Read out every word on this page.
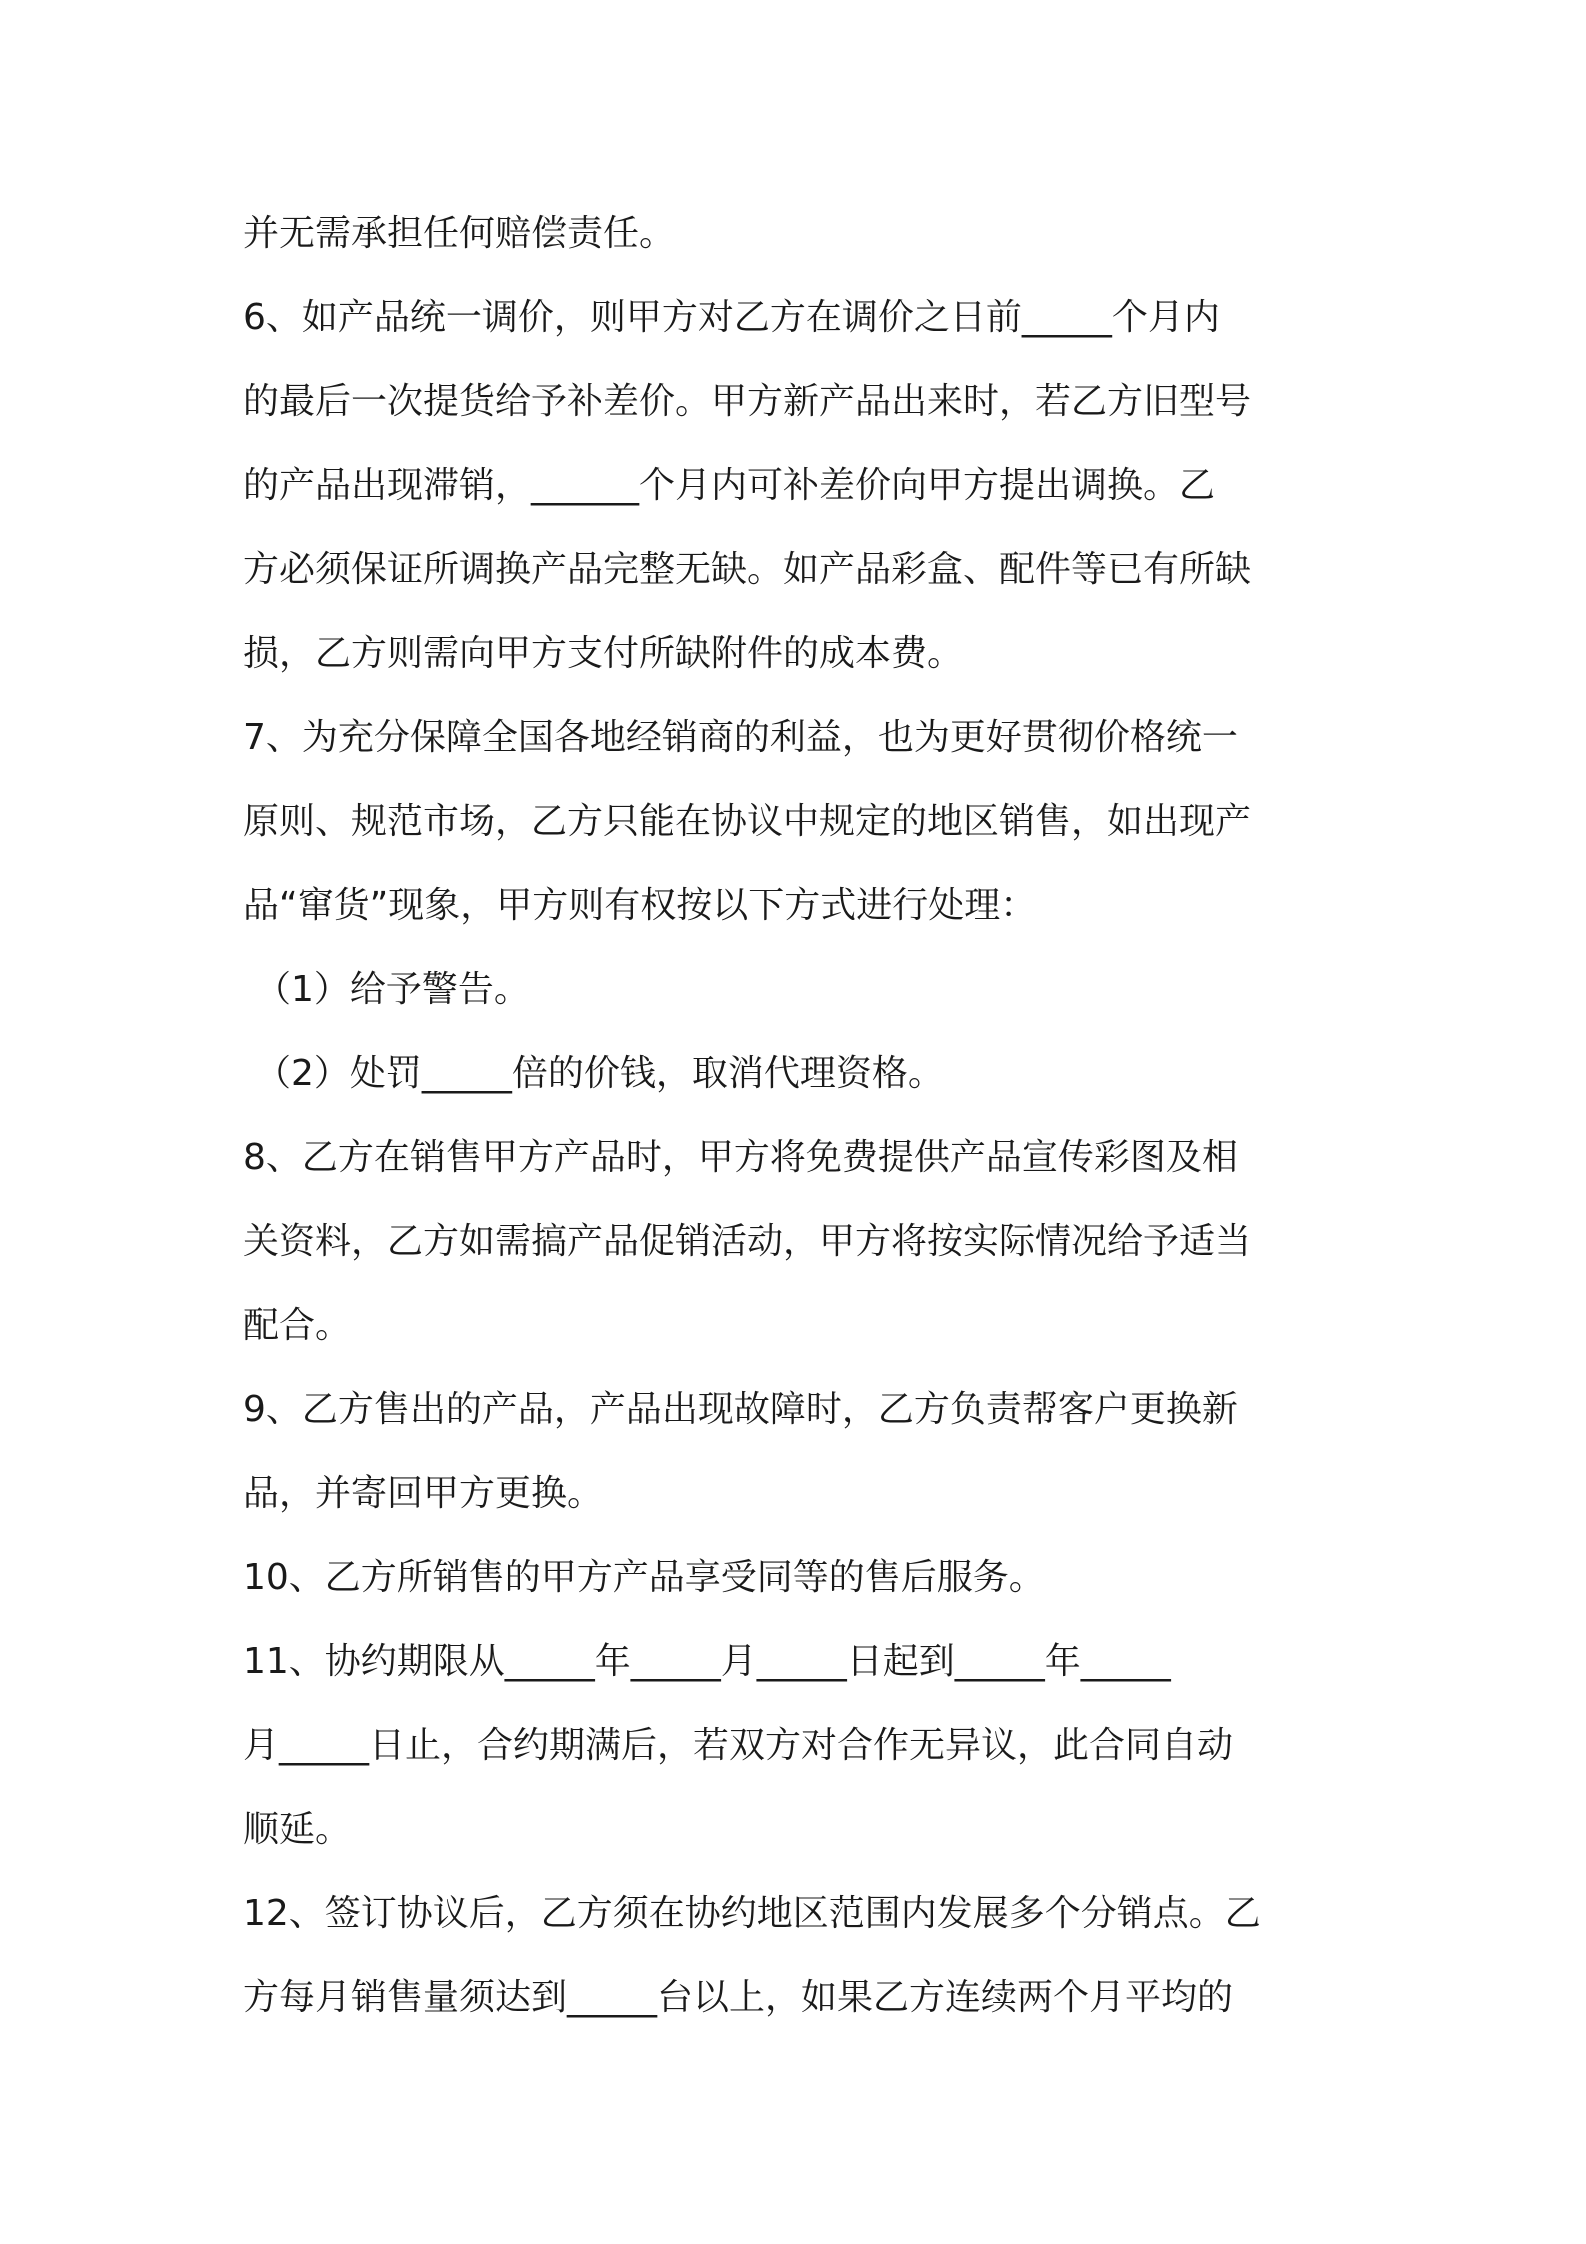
并无需承担任何赔偿责任。

6、如产品统一调价，则甲方对乙方在调价之日前_____个月内

的最后一次提货给予补差价。甲方新产品出来时，若乙方旧型号

的产品出现滞销，______个月内可补差价向甲方提出调换。乙

方必须保证所调换产品完整无缺。如产品彩盒、配件等已有所缺

损，乙方则需向甲方支付所缺附件的成本费。

7、为充分保障全国各地经销商的利益，也为更好贯彻价格统一

原则、规范市场，乙方只能在协议中规定的地区销售，如出现产

品“窜货”现象，甲方则有权按以下方式进行处理：

（1）给予警告。

（2）处罚_____倍的价钱，取消代理资格。

8、乙方在销售甲方产品时，甲方将免费提供产品宣传彩图及相

关资料，乙方如需搞产品促销活动，甲方将按实际情况给予适当

配合。

9、乙方售出的产品，产品出现故障时，乙方负责帮客户更换新

品，并寄回甲方更换。

10、乙方所销售的甲方产品享受同等的售后服务。

11、协约期限从_____年_____月_____日起到_____年_____

月_____日止，合约期满后，若双方对合作无异议，此合同自动

顺延。

12、签订协议后，乙方须在协约地区范围内发展多个分销点。乙

方每月销售量须达到_____台以上，如果乙方连续两个月平均的
